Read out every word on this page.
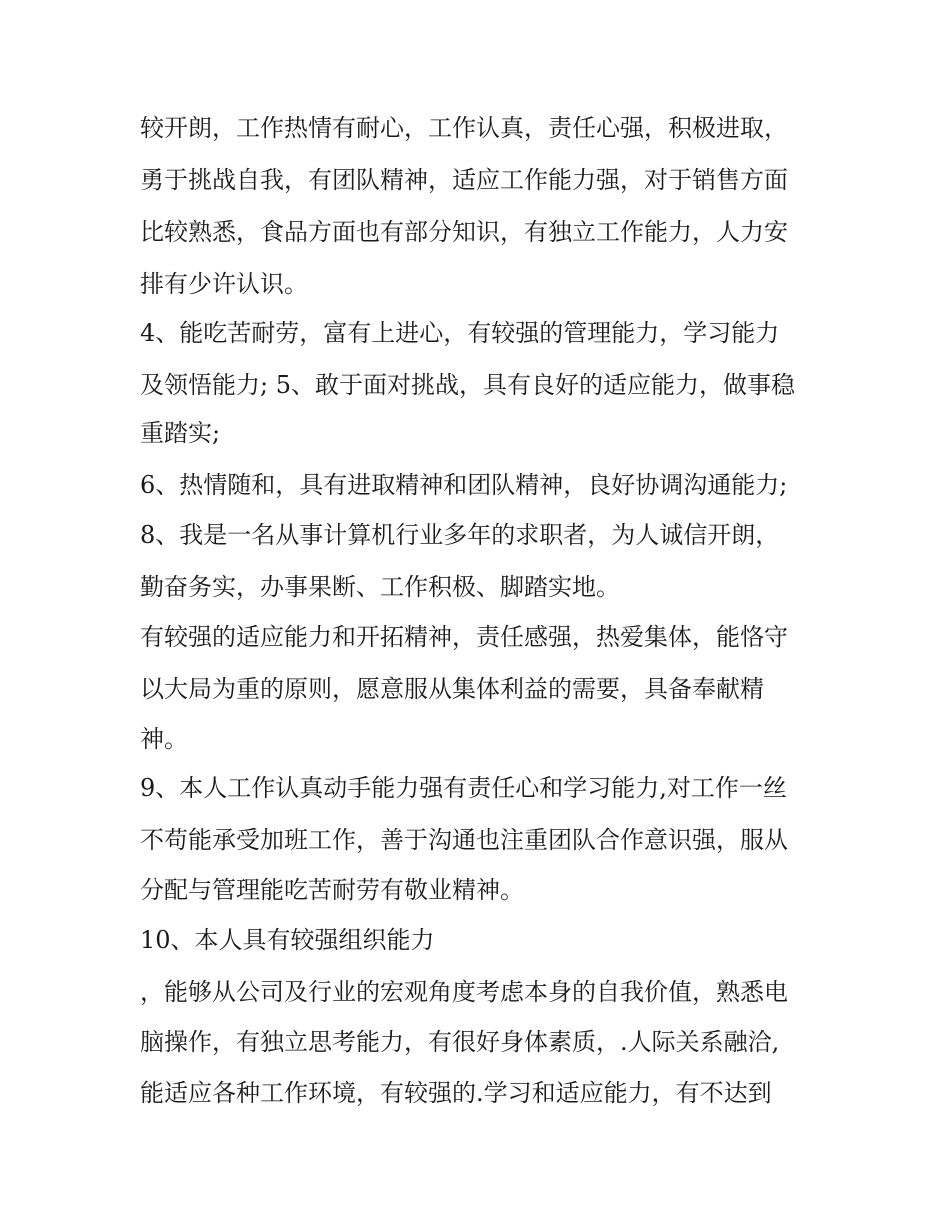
较开朗，工作热情有耐心，工作认真，责任心强，积极进取，
勇于挑战自我，有团队精神，适应工作能力强，对于销售方面
比较熟悉，食品方面也有部分知识，有独立工作能力，人力安
排有少许认识。
4、能吃苦耐劳，富有上进心，有较强的管理能力，学习能力
及领悟能力; 5、敢于面对挑战，具有良好的适应能力，做事稳
重踏实;
6、热情随和，具有进取精神和团队精神，良好协调沟通能力;
8、我是一名从事计算机行业多年的求职者，为人诚信开朗，
勤奋务实，办事果断、工作积极、脚踏实地。
有较强的适应能力和开拓精神，责任感强，热爱集体，能恪守
以大局为重的原则，愿意服从集体利益的需要，具备奉献精
神。
9、本人工作认真动手能力强有责任心和学习能力,对工作一丝
不苟能承受加班工作，善于沟通也注重团队合作意识强，服从
分配与管理能吃苦耐劳有敬业精神。
10、本人具有较强组织能力
，能够从公司及行业的宏观角度考虑本身的自我价值，熟悉电
脑操作，有独立思考能力，有很好身体素质，.人际关系融洽,
能适应各种工作环境，有较强的.学习和适应能力，有不达到
